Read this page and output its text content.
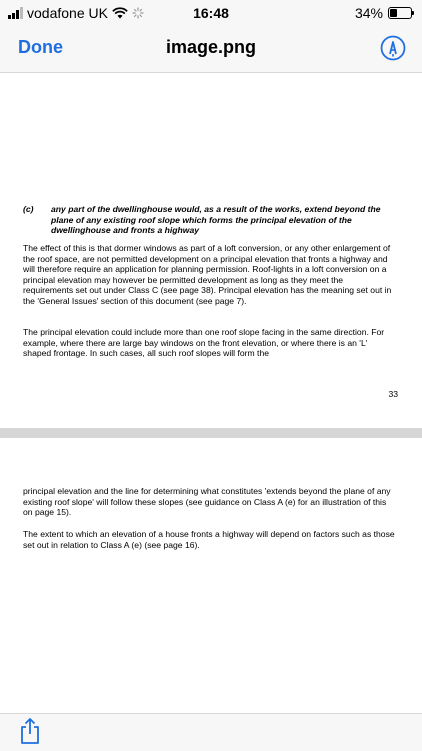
vodafone UK	16:48	34%
Done	image.png
(c) any part of the dwellinghouse would, as a result of the works, extend beyond the plane of any existing roof slope which forms the principal elevation of the dwellinghouse and fronts a highway
The effect of this is that dormer windows as part of a loft conversion, or any other enlargement of the roof space, are not permitted development on a principal elevation that fronts a highway and will therefore require an application for planning permission. Roof-lights in a loft conversion on a principal elevation may however be permitted development as long as they meet the requirements set out under Class C (see page 38). Principal elevation has the meaning set out in the 'General Issues' section of this document (see page 7).
The principal elevation could include more than one roof slope facing in the same direction. For example, where there are large bay windows on the front elevation, or where there is an 'L' shaped frontage. In such cases, all such roof slopes will form the
33
principal elevation and the line for determining what constitutes 'extends beyond the plane of any existing roof slope' will follow these slopes (see guidance on Class A (e) for an illustration of this on page 15).
The extent to which an elevation of a house fronts a highway will depend on factors such as those set out in relation to Class A (e) (see page 16).
